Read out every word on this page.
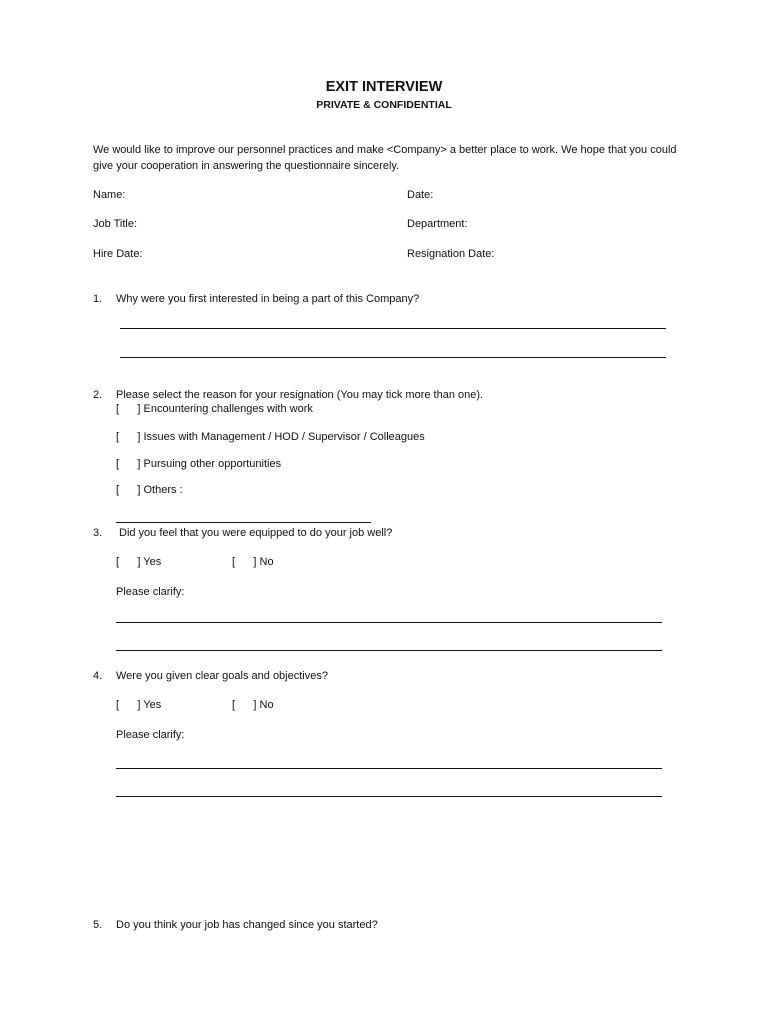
EXIT INTERVIEW
PRIVATE & CONFIDENTIAL
We would like to improve our personnel practices and make <Company> a better place to work. We hope that you could give your cooperation in answering the questionnaire sincerely.
Name:	Date:
Job Title:	Department:
Hire Date:	Resignation Date:
1. Why were you first interested in being a part of this Company?
2. Please select the reason for your resignation (You may tick more than one).
[      ] Encountering challenges with work
[      ] Issues with Management / HOD / Supervisor / Colleagues
[      ] Pursuing other opportunities
[      ] Others :
3. Did you feel that you were equipped to do your job well?
[      ] Yes	[      ] No
Please clarify:
4. Were you given clear goals and objectives?
[      ] Yes	[      ] No
Please clarify:
5. Do you think your job has changed since you started?
